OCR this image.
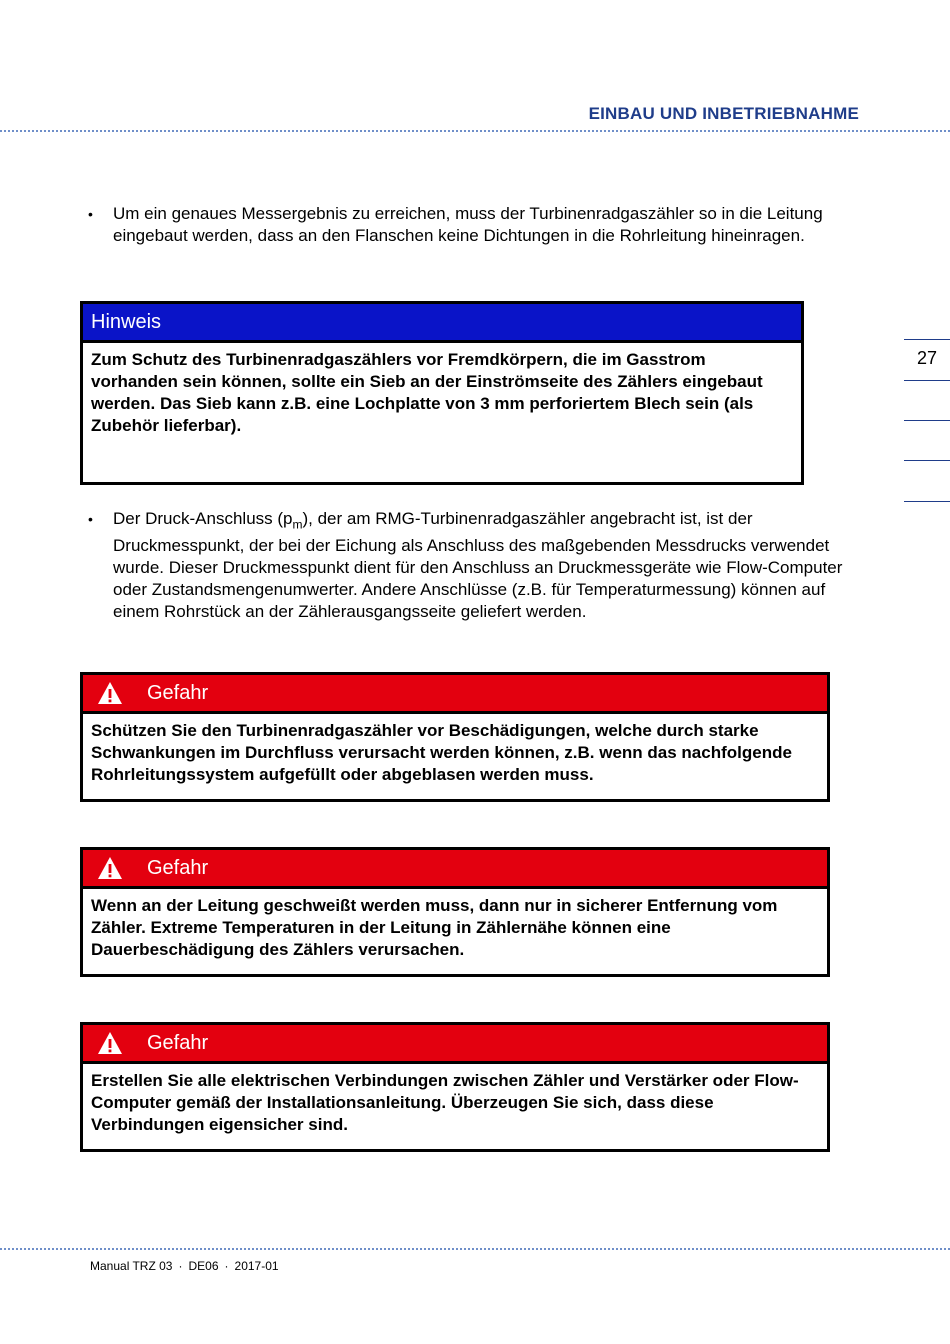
EINBAU UND INBETRIEBNAHME
27
•	Um ein genaues Messergebnis zu erreichen, muss der Turbinenradgaszähler so in die Leitung eingebaut werden, dass an den Flanschen keine Dichtungen in die Rohrleitung hineinragen.
Hinweis
Zum Schutz des Turbinenradgaszählers vor Fremdkörpern, die im Gasstrom vorhanden sein können, sollte ein Sieb an der Einströmseite des Zählers eingebaut werden. Das Sieb kann z.B. eine Lochplatte von 3 mm perforiertem Blech sein (als Zubehör lieferbar).
•	Der Druck-Anschluss $(p_m)$, der am RMG-Turbinenradgaszähler angebracht ist, ist der Druckmesspunkt, der bei der Eichung als Anschluss des maßgebenden Messdrucks verwendet wurde. Dieser Druckmesspunkt dient für den Anschluss an Druckmessgeräte wie Flow-Computer oder Zustandsmengenumwerter. Andere Anschlüsse (z.B. für Temperaturmessung) können auf einem Rohrstück an der Zählerausgangsseite geliefert werden.
Gefahr
Schützen Sie den Turbinenradgaszähler vor Beschädigungen, welche durch starke Schwankungen im Durchfluss verursacht werden können, z.B. wenn das nachfolgende Rohrleitungssystem aufgefüllt oder abgeblasen werden muss.
Gefahr
Wenn an der Leitung geschweißt werden muss, dann nur in sicherer Entfernung vom Zähler. Extreme Temperaturen in der Leitung in Zählernähe können eine Dauerbeschädigung des Zählers verursachen.
Gefahr
Erstellen Sie alle elektrischen Verbindungen zwischen Zähler und Verstärker oder Flow-Computer gemäß der Installationsanleitung. Überzeugen Sie sich, dass diese Verbindungen eigensicher sind.
Manual TRZ 03 · DE06 · 2017-01
